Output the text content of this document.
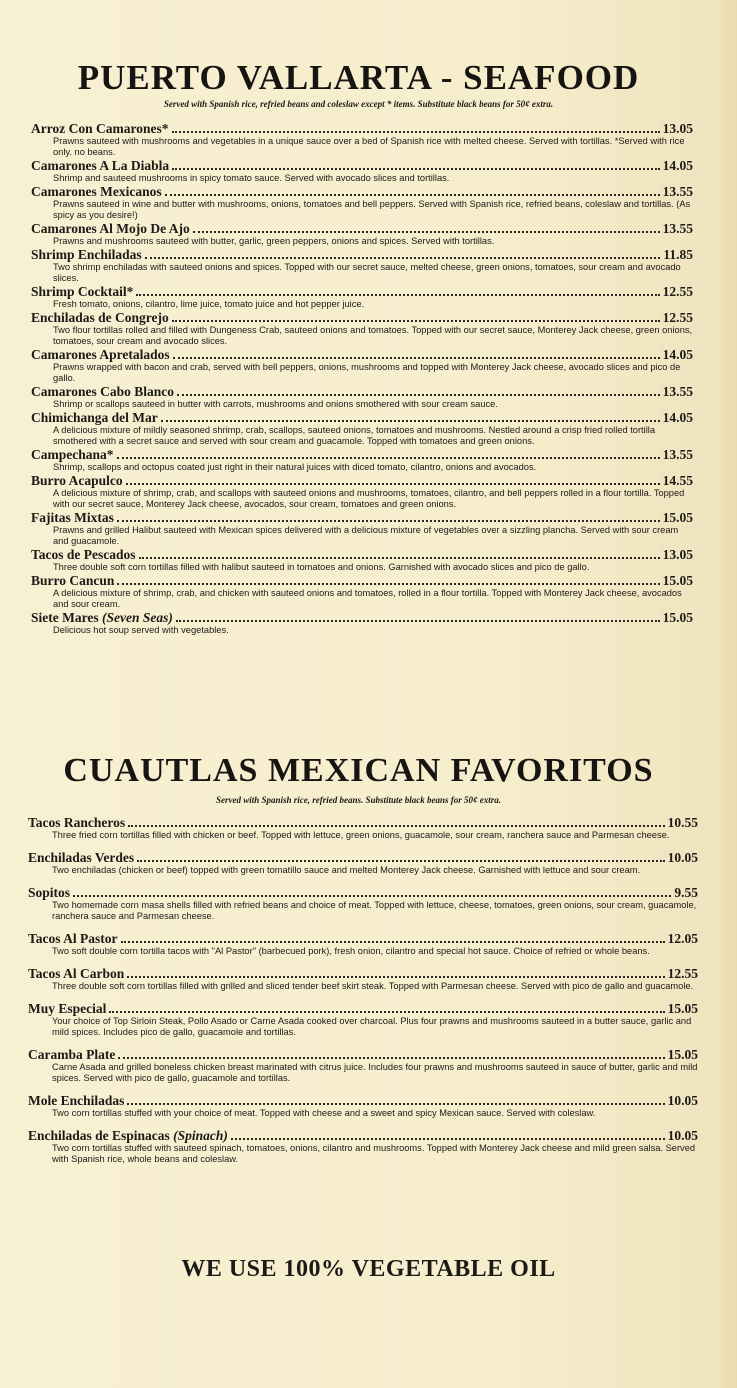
PUERTO VALLARTA - SEAFOOD
Served with Spanish rice, refried beans and coleslaw except * items. Substitute black beans for 50¢ extra.
Arroz Con Camarones*	13.05

Prawns sauteed with mushrooms and vegetables in a unique sauce over a bed of Spanish rice with melted cheese. Served with tortillas. *Served with rice only. no beans.

Camarones A La Diabla	14.05

Shrimp and sauteed mushrooms in spicy tomato sauce. Served with avocado slices and tortillas.

Camarones Mexicanos	13.55

Prawns sauteed in wine and butter with mushrooms, onions, tomatoes and bell peppers. Served with Spanish rice, refried beans, coleslaw and tortillas. (As spicy as you desire!)

Camarones Al Mojo De Ajo	13.55

Prawns and mushrooms sauteed with butter, garlic, green peppers, onions and spices. Served with tortillas.

Shrimp Enchiladas	11.85

Two shrimp enchiladas with sauteed onions and spices. Topped with our secret sauce, melted cheese, green onions, tomatoes, sour cream and avocado slices.

Shrimp Cocktail*	12.55

Fresh tomato, onions, cilantro, lime juice, tomato juice and hot pepper juice.

Enchiladas de Congrejo	12.55

Two flour tortillas rolled and filled with Dungeness Crab, sauteed onions and tomatoes. Topped with our secret sauce, Monterey Jack cheese, green onions, tomatoes, sour cream and avocado slices.

Camarones Apretalados	14.05

Prawns wrapped with bacon and crab, served with bell peppers, onions, mushrooms and topped with Monterey Jack cheese, avocado slices and pico de gallo.

Camarones Cabo Blanco	13.55

Shrimp or scallops sauteed in butter with carrots, mushrooms and onions smothered with sour cream sauce.

Chimichanga del Mar	14.05

A delicious mixture of mildly seasoned shrimp, crab, scallops, sauteed onions, tomatoes and mushrooms. Nestled around a crisp fried rolled tortilla smothered with a secret sauce and served with sour cream and guacamole. Topped with tomatoes and green onions.

Campechana*	13.55

Shrimp, scallops and octopus coated just right in their natural juices with diced tomato, cilantro, onions and avocados.

Burro Acapulco	14.55

A delicious mixture of shrimp, crab, and scallops with sauteed onions and mushrooms, tomatoes, cilantro, and bell peppers rolled in a flour tortilla. Topped with our secret sauce, Monterey Jack cheese, avocados, sour cream, tomatoes and green onions.

Fajitas Mixtas	15.05

Prawns and grilled Halibut sauteed with Mexican spices delivered with a delicious mixture of vegetables over a sizzling plancha. Served with sour cream and guacamole.

Tacos de Pescados	13.05

Three double soft corn tortillas filled with halibut sauteed in tomatoes and onions. Garnished with avocado slices and pico de gallo.

Burro Cancun	15.05

A delicious mixture of shrimp, crab, and chicken with sauteed onions and tomatoes, rolled in a flour tortilla. Topped with Monterey Jack cheese, avocados and sour cream.

Siete Mares (Seven Seas)	15.05

Delicious hot soup served with vegetables.

CUAUTLAS MEXICAN FAVORITOS
Served with Spanish rice, refried beans. Substitute black beans for 50¢ extra.
Tacos Rancheros	10.55

Three fried corn tortillas filled with chicken or beef. Topped with lettuce, green onions, guacamole, sour cream, ranchera sauce and Parmesan cheese.

Enchiladas Verdes	10.05

Two enchiladas (chicken or beef) topped with green tomatillo sauce and melted Monterey Jack cheese. Garnished with lettuce and sour cream.

Sopitos	9.55

Two homemade corn masa shells filled with refried beans and choice of meat. Topped with lettuce, cheese, tomatoes, green onions, sour cream, guacamole, ranchera sauce and Parmesan cheese.

Tacos Al Pastor	12.05

Two soft double corn tortilla tacos with "Al Pastor" (barbecued pork), fresh onion, cilantro and special hot sauce. Choice of refried or whole beans.

Tacos Al Carbon	12.55

Three double soft corn tortillas filled with grilled and sliced tender beef skirt steak. Topped with Parmesan cheese. Served with pico de gallo and guacamole.

Muy Especial	15.05

Your choice of Top Sirloin Steak, Pollo Asado or Carne Asada cooked over charcoal. Plus four prawns and mushrooms sauteed in a butter sauce, garlic and mild spices. Includes pico de gallo, guacamole and tortillas.

Caramba Plate	15.05

Carne Asada and grilled boneless chicken breast marinated with citrus juice. Includes four prawns and mushrooms sauteed in sauce of butter, garlic and mild spices. Served with pico de gallo, guacamole and tortillas.

Mole Enchiladas	10.05

Two corn tortillas stuffed with your choice of meat. Topped with cheese and a sweet and spicy Mexican sauce. Served with coleslaw.

Enchiladas de Espinacas (Spinach)	10.05

Two corn tortillas stuffed with sauteed spinach, tomatoes, onions, cilantro and mushrooms. Topped with Monterey Jack cheese and mild green salsa. Served with Spanish rice, whole beans and coleslaw.

WE USE 100% VEGETABLE OIL
